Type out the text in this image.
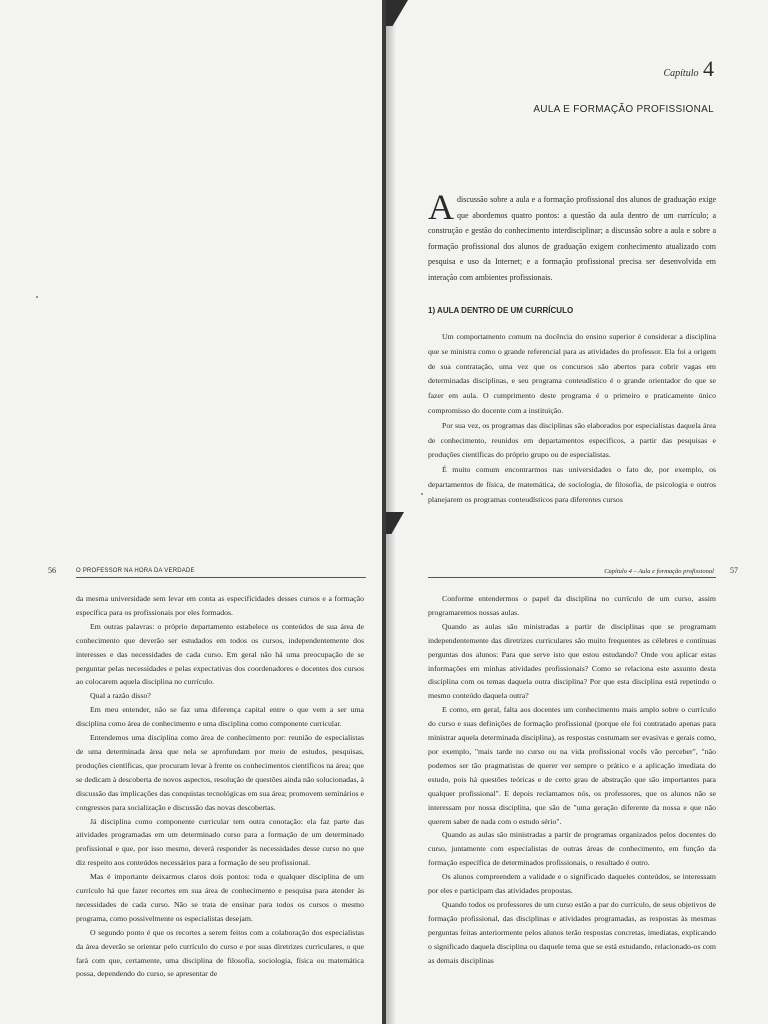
Capítulo 4
AULA E FORMAÇÃO PROFISSIONAL

A discussão sobre a aula e a formação profissional dos alunos de graduação exige que abordemos quatro pontos: a questão da aula dentro de um currículo; a construção e gestão do conhecimento interdisciplinar; a discussão sobre a aula e sobre a formação profissional dos alunos de graduação exigem conhecimento atualizado com pesquisa e uso da Internet; e a formação profissional precisa ser desenvolvida em interação com ambientes profissionais.

1) AULA DENTRO DE UM CURRÍCULO

Um comportamento comum na docência do ensino superior é considerar a disciplina que se ministra como o grande referencial para as atividades do professor. Ela foi a origem de sua contratação, uma vez que os concursos são abertos para cobrir vagas em determinadas disciplinas, e seu programa conteudístico é o grande orientador do que se fazer em aula. O cumprimento deste programa é o primeiro e praticamente único compromisso do docente com a instituição.

Por sua vez, os programas das disciplinas são elaborados por especialistas daquela área de conhecimento, reunidos em departamentos específicos, a partir das pesquisas e produções científicas do próprio grupo ou de especialistas.

É muito comum encontrarmos nas universidades o fato de, por exemplo, os departamentos de física, de matemática, de sociologia, de filosofia, de psicologia e outros planejarem os programas conteudísticos para diferentes cursos

56	O PROFESSOR NA HORA DA VERDADE	Capítulo 4 – Aula e formação profissional 57

da mesma universidade sem levar em conta as especificidades desses cursos e a formação específica para os profissionais por eles formados.

Em outras palavras: o próprio departamento estabelece os conteúdos de sua área de conhecimento que deverão ser estudados em todos os cursos, independentemente dos interesses e das necessidades de cada curso. Em geral não há uma preocupação de se perguntar pelas necessidades e pelas expectativas dos coordenadores e docentes dos cursos ao colocarem aquela disciplina no currículo.

Qual a razão disso?

Em meu entender, não se faz uma diferença capital entre o que vem a ser uma disciplina como área de conhecimento e uma disciplina como componente curricular.

Entendemos uma disciplina como área de conhecimento por: reunião de especialistas de uma determinada área que nela se aprofundam por meio de estudos, pesquisas, produções científicas, que procuram levar à frente os conhecimentos científicos na área; que se dedicam à descoberta de novos aspectos, resolução de questões ainda não solucionadas, à discussão das implicações das conquistas tecnológicas em sua área; promovem seminários e congressos para socialização e discussão das novas descobertas.

Já disciplina como componente curricular tem outra conotação: ela faz parte das atividades programadas em um determinado curso para a formação de um determinado profissional e que, por isso mesmo, deverá responder às necessidades desse curso no que diz respeito aos conteúdos necessários para a formação de seu profissional.

Mas é importante deixarmos claros dois pontos: toda e qualquer disciplina de um currículo há que fazer recortes em sua área de conhecimento e pesquisa para atender às necessidades de cada curso. Não se trata de ensinar para todos os cursos o mesmo programa, como possivelmente os especialistas desejam.

O segundo ponto é que os recortes a serem feitos com a colaboração dos especialistas da área deverão se orientar pelo currículo do curso e por suas diretrizes curriculares, o que fará com que, certamente, uma disciplina de filosofia, sociologia, física ou matemática possa, dependendo do curso, se apresentar de

Conforme entendermos o papel da disciplina no currículo de um curso, assim programaremos nossas aulas.

Quando as aulas são ministradas a partir de disciplinas que se programam independentemente das diretrizes curriculares são muito frequentes as célebres e contínuas perguntas dos alunos: Para que serve isto que estou estudando? Onde vou aplicar estas informações em minhas atividades profissionais? Como se relaciona este assunto desta disciplina com os temas daquela outra disciplina? Por que esta disciplina está repetindo o mesmo conteúdo daquela outra?

E como, em geral, falta aos docentes um conhecimento mais amplo sobre o currículo do curso e suas definições de formação profissional (porque ele foi contratado apenas para ministrar aquela determinada disciplina), as respostas costumam ser evasivas e gerais como, por exemplo, "mais tarde no curso ou na vida profissional vocês vão perceber", "não podemos ser tão pragmatistas de querer ver sempre o prático e a aplicação imediata do estudo, pois há questões teóricas e de certo grau de abstração que são importantes para qualquer profissional". E depois reclamamos nós, os professores, que os alunos não se interessam por nossa disciplina, que são de "uma geração diferente da nossa e que não querem saber de nada com o estudo sério".

Quando as aulas são ministradas a partir de programas organizados pelos docentes do curso, juntamente com especialistas de outras áreas de conhecimento, em função da formação específica de determinados profissionais, o resultado é outro.

Os alunos compreendem a validade e o significado daqueles conteúdos, se interessam por eles e participam das atividades propostas.

Quando todos os professores de um curso estão a par do currículo, de seus objetivos de formação profissional, das disciplinas e atividades programadas, as respostas às mesmas perguntas feitas anteriormente pelos alunos terão respostas concretas, imediatas, explicando o significado daquela disciplina ou daquele tema que se está estudando, relacionado-os com as demais disciplinas
